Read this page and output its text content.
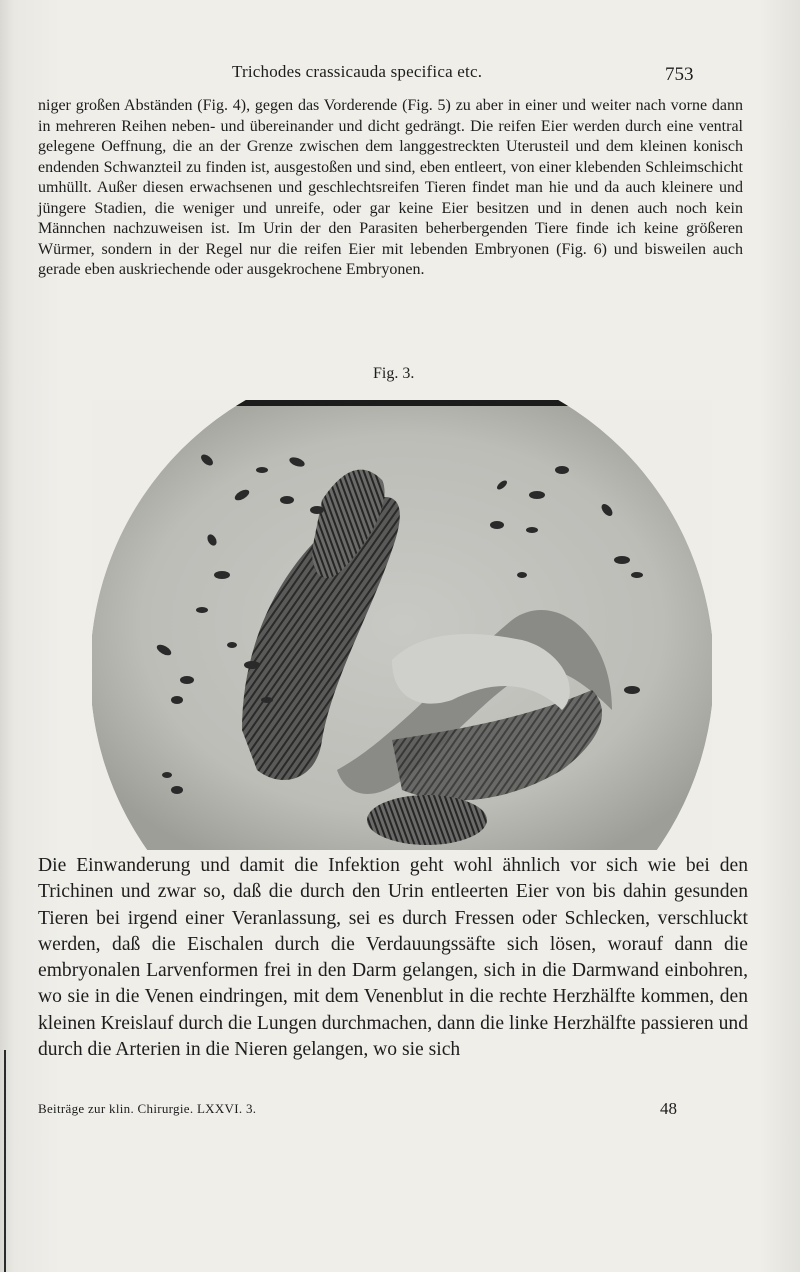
Trichodes crassicauda specifica etc.	753
niger großen Abständen (Fig. 4), gegen das Vorderende (Fig. 5) zu aber in einer und weiter nach vorne dann in mehreren Reihen neben- und übereinander und dicht gedrängt. Die reifen Eier werden durch eine ventral gelegene Oeffnung, die an der Grenze zwischen dem langgestreckten Uterusteil und dem kleinen konisch endenden Schwanzteil zu finden ist, ausgestoßen und sind, eben entleert, von einer klebenden Schleimschicht umhüllt. Außer diesen erwachsenen und geschlechtsreifen Tieren findet man hie und da auch kleinere und jüngere Stadien, die weniger und unreife, oder gar keine Eier besitzen und in denen auch noch kein Männchen nachzuweisen ist. Im Urin der den Parasiten beherbergenden Tiere finde ich keine größeren Würmer, sondern in der Regel nur die reifen Eier mit lebenden Embryonen (Fig. 6) und bisweilen auch gerade eben auskriechende oder ausgekrochene Embryonen.
Fig. 3.
Die Einwanderung und damit die Infektion geht wohl ähnlich vor sich wie bei den Trichinen und zwar so, daß die durch den Urin entleerten Eier von bis dahin gesunden Tieren bei irgend einer Veranlassung, sei es durch Fressen oder Schlecken, verschluckt werden, daß die Eischalen durch die Verdauungssäfte sich lösen, worauf dann die embryonalen Larvenformen frei in den Darm gelangen, sich in die Darmwand einbohren, wo sie in die Venen eindringen, mit dem Venenblut in die rechte Herzhälfte kommen, den kleinen Kreislauf durch die Lungen durchmachen, dann die linke Herzhälfte passieren und durch die Arterien in die Nieren gelangen, wo sie sich
Beiträge zur klin. Chirurgie. LXXVI. 3.	48
